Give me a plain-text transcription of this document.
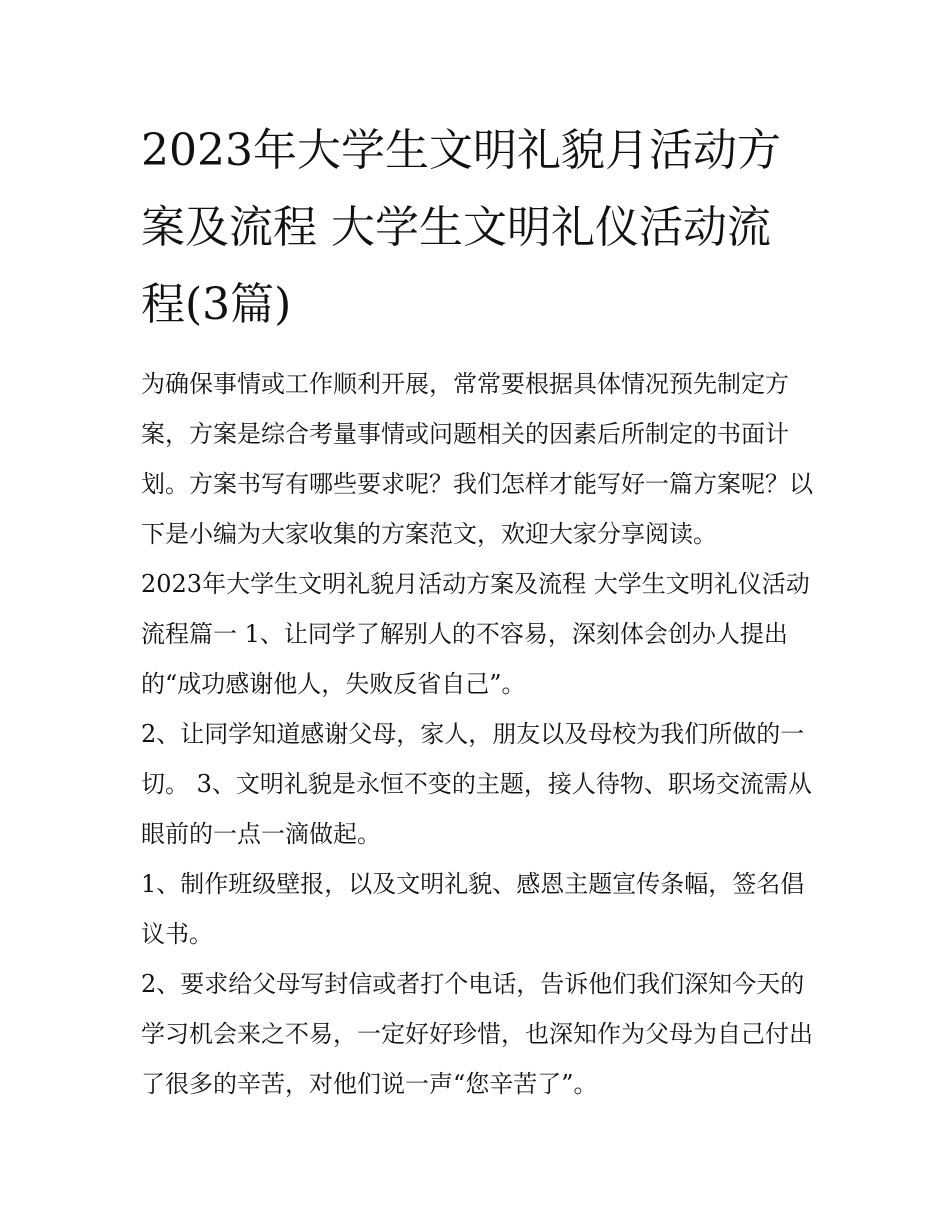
2023年大学生文明礼貌月活动方案及流程 大学生文明礼仪活动流程(3篇)

为确保事情或工作顺利开展，常常要根据具体情况预先制定方案，方案是综合考量事情或问题相关的因素后所制定的书面计划。方案书写有哪些要求呢？我们怎样才能写好一篇方案呢？以下是小编为大家收集的方案范文，欢迎大家分享阅读。

2023年大学生文明礼貌月活动方案及流程 大学生文明礼仪活动流程篇一 1、让同学了解别人的不容易，深刻体会创办人提出的“成功感谢他人，失败反省自己”。

2、让同学知道感谢父母，家人，朋友以及母校为我们所做的一切。 3、文明礼貌是永恒不变的主题，接人待物、职场交流需从眼前的一点一滴做起。

1、制作班级壁报，以及文明礼貌、感恩主题宣传条幅，签名倡议书。

2、要求给父母写封信或者打个电话，告诉他们我们深知今天的学习机会来之不易，一定好好珍惜，也深知作为父母为自己付出了很多的辛苦，对他们说一声“您辛苦了”。
